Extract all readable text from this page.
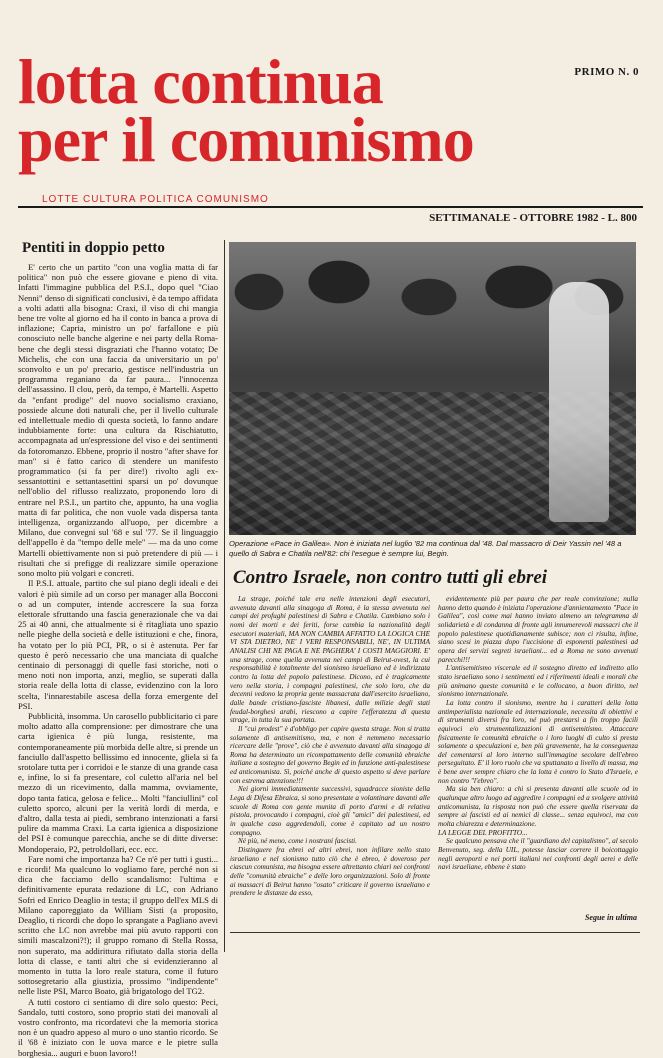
PRIMO N. 0
lotta continua
per il comunismo
LOTTE CULTURA POLITICA COMUNISMO
SETTIMANALE - OTTOBRE 1982 - L. 800
Pentiti in doppio petto

E' certo che un partito "con una voglia matta di far politica" non può che essere giovane e pieno di vita. Infatti l'immagine pubblica del P.S.I., dopo quel "Ciao Nenni" denso di significati conclusivi, è da tempo affidata a volti adatti alla bisogna: Craxi, il viso di chi mangia bene tre volte al giorno ed ha il conto in banca a prova di inflazione; Capria, ministro un po' farfallone e più conosciuto nelle banche algerine e nei party della Roma-bene che degli stessi disgraziati che l'hanno votato; De Michelis, che con una faccia da universitario un po' sconvolto e un po' precario, gestisce nell'industria un programma reganiano da far paura... l'innocenza dell'assassino. Il clou, però, da tempo, è Martelli. Aspetto da "enfant prodige" del nuovo socialismo craxiano, possiede alcune doti naturali che, per il livello culturale ed intellettuale medio di questa società, lo fanno andare indubbiamente forte: una cultura da Rischiatutto, accompagnata ad un'espressione del viso e dei sentimenti da fotoromanzo. Ebbene, proprio il nostro "after shave for man" si è fatto carico di stendere un manifesto programmatico (si fa per dire!) rivolto agli ex-sessantottini e settantasettini sparsi un po' dovunque nell'oblio del riflusso realizzato, proponendo loro di entrare nel P.S.I., un partito che, appunto, ha una voglia matta di far politica, che non vuole vada dispersa tanta intelligenza, organizzando all'uopo, per dicembre a Milano, due convegni sul '68 e sul '77. Se il linguaggio dell'appello è da "tempo delle mele" — ma da uno come Martelli obiettivamente non si può pretendere di più — i risultati che si prefigge di realizzare simile operazione sono molto più volgari e concreti.

Il P.S.I. attuale, partito che sul piano degli ideali e dei valori è più simile ad un corso per manager alla Bocconi o ad un computer, intende accrescere la sua forza elettorale sfruttando una fascia generazionale che va dai 25 ai 40 anni, che attualmente si è ritagliata uno spazio nelle pieghe della società e delle istituzioni e che, finora, ha votato per lo più PCI, PR, o si è astenuta. Per far questo è però necessario che una manciata di qualche centinaio di personaggi di quelle fasi storiche, noti o meno noti non importa, anzi, meglio, se superati dalla storia reale della lotta di classe, evidenzino con la loro scelta, l'innarestabile ascesa della forza emergente del PSI.

Pubblicità, insomma. Un carosello pubblicitario ci pare molto adatto alla comprensione: per dimostrare che una carta igienica è più lunga, resistente, ma contemporaneamente più morbida delle altre, si prende un fanciullo dall'aspetto bellissimo ed innocente, gliela si fa srotolare tutta per i corridoi e le stanze di una grande casa e, infine, lo si fa presentare, col culetto all'aria nel bel mezzo di un ricevimento, dalla mamma, ovviamente, dopo tanta fatica, gelosa e felice... Molti "fanciullini" col culetto sporco, alcuni per la verità lordi di merda, e d'altro, dalla testa ai piedi, sembrano intenzionati a farsi pulire da mamma Craxi. La carta igienica a disposizione del PSI è comunque parecchia, anche se di ditte diverse: Mondoperaio, P2, petroldollari, ecc. ecc.

Fare nomi che importanza ha? Ce n'è per tutti i gusti... e ricordi! Ma qualcuno lo vogliamo fare, perché non si dica che facciamo dello scandalismo: l'ultima e definitivamente epurata redazione di LC, con Adriano Sofri ed Enrico Deaglio in testa; il gruppo dell'ex MLS di Milano caporeggiato da William Sisti (a proposito, Deaglio, ti ricordi che dopo lo sprangate a Pagliano avevi scritto che LC non avrebbe mai più avuto rapporti con simili mascalzoni?!); il gruppo romano di Stella Rossa, non superato, ma addirittura rifiutato dalla storia della lotta di classe, e tanti altri che si evidenzieranno al momento in tutta la loro reale statura, come il futuro sottosegretario alla giustizia, prossimo "indipendente" nelle liste PSI, Marco Boato, già brigatologo del TG2.

A tutti costoro ci sentiamo di dire solo questo: Peci, Sandalo, tutti costoro, sono proprio stati dei manovali al vostro confronto, ma ricordatevi che la memoria storica non è un quadro appeso al muro o uno stantìo ricordo. Se il '68 è iniziato con le uova marce e le pietre sulla borghesia... auguri e buon lavoro!!

Operazione «Pace in Galilea». Non è iniziata nel luglio '82 ma continua dal '48. Dal massacro di Deir Yassin nel '48 a quello di Sabra e Chatila nell'82: chi l'esegue è sempre lui, Begin.
Contro Israele, non contro tutti gli ebrei

La strage, poiché tale era nelle intenzioni degli esecutori, avvenuta davanti alla sinagoga di Roma, è la stessa avvenuta nei campi dei profughi palestinesi di Sabra e Chatila. Cambiano solo i nomi dei morti e dei feriti, forse cambia la nazionalità degli esecutori materiali, MA NON CAMBIA AFFATTO LA LOGICA CHE VI STA DIETRO, NE' I VERI RESPONSABILI, NE', IN ULTIMA ANALISI CHI NE PAGA E NE PAGHERA' I COSTI MAGGIORI. E' una strage, come quella avvenuta nei campi di Beirut-ovest, la cui responsabilità è totalmente del sionismo israeliano ed è indirizzata contro la lotta del popolo palestinese. Dicono, ed è tragicamente vero nella storia, i compagni palestinesi, che solo loro, che da decenni vedono la propria gente massacrata dall'esercito israeliano, dalle bande cristiano-fasciste libanesi, dalle milizie degli stati feudal-borghesi arabi, riescono a capire l'efferatezza di questa strage, in tutta la sua portata.

Il "cui prodest" è d'obbligo per capire questa strage. Non si tratta solamente di antisemitismo, ma, e non è nemmeno necessario ricercare delle "prove", ciò che è avvenuto davanti alla sinagoga di Roma ha determinato un ricompattamento delle comunità ebraiche italiane a sostegno del governo Begin ed in funzione anti-palestinese ed anticomunista. Sì, poiché anche di questo aspetto si deve parlare con estrema attenzione!!!

Nei giorni immediatamente successivi, squadracce sioniste della Lega di Difesa Ebraica, si sono presentate a volantinare davanti alle scuole di Roma con gente munita di porto d'armi e di relativa pistola, provocando i compagni, cioè gli "amici" dei palestinesi, ed in qualche caso aggredendoli, come è capitato ad un nostro compagno.

Né più, né meno, come i nostrani fascisti.

Distinguere fra ebrei ed altri ebrei, non infilare nello stato israeliano e nel sionismo tutto ciò che è ebreo, è doveroso per ciascun comunista, ma bisogna essere altrettanto chiari nei confronti delle "comunità ebraiche" e delle loro organizzazioni. Solo di fronte ai massacri di Beirut hanno "osato" criticare il governo israeliano e prendere le distanze da esso,

evidentemente più per paura che per reale convinzione; nulla hanno detto quando è iniziata l'operazione d'annientamento "Pace in Galilea", così come mai hanno inviato almeno un telegramma di solidarietà e di condanna di fronte agli innumerevoli massacri che il popolo palestinese quotidianamente subisce; non ci risulta, infine, siano scesi in piazza dopo l'uccisione di esponenti palestinesi ad opera dei servizi segreti israeliani... ed a Roma ne sono avvenuti parecchi!!!

L'antisemitismo viscerale ed il sostegno diretto ed indiretto allo stato israeliano sono i sentimenti ed i riferimenti ideali e morali che più animano queste comunità e le collocano, a buon diritto, nel sionismo internazionale.

La lotta contro il sionismo, mentre ha i caratteri della lotta antimperialista nazionale ed internazionale, necessita di obiettivi e di strumenti diversi fra loro, né può prestarsi a fin troppo facili equivoci e/o strumentalizzazioni di antisemitismo. Attaccare fisicamente le comunità ebraiche o i loro luoghi di culto si presta solamente a speculazioni e, ben più gravemente, ha la conseguenza del cementarsi al loro interno sull'immagine secolare dell'ebreo perseguitato. E' il loro ruolo che va sputtanato a livello di massa, ma è bene aver sempre chiaro che la lotta è contro lo Stato d'Israele, e non contro "l'ebreo".

Ma sia ben chiaro: a chi si presenta davanti alle scuole od in qualunque altro luogo ad aggredire i compagni ed a svolgere attività anticomunista, la risposta non può che essere quella riservata da sempre ai fascisti ed ai nemici di classe... senza equivoci, ma con molta chiarezza e determinazione.

LA LEGGE DEL PROFITTO...

Se qualcuno pensava che il "guardiano del capitalismo", al secolo Benvenuto, seg. della UIL, potesse lasciar correre il boicottaggio negli aeroporti e nei porti italiani nei confronti degli aerei e delle navi israeliane, ebbene è stato

Segue in ultima
